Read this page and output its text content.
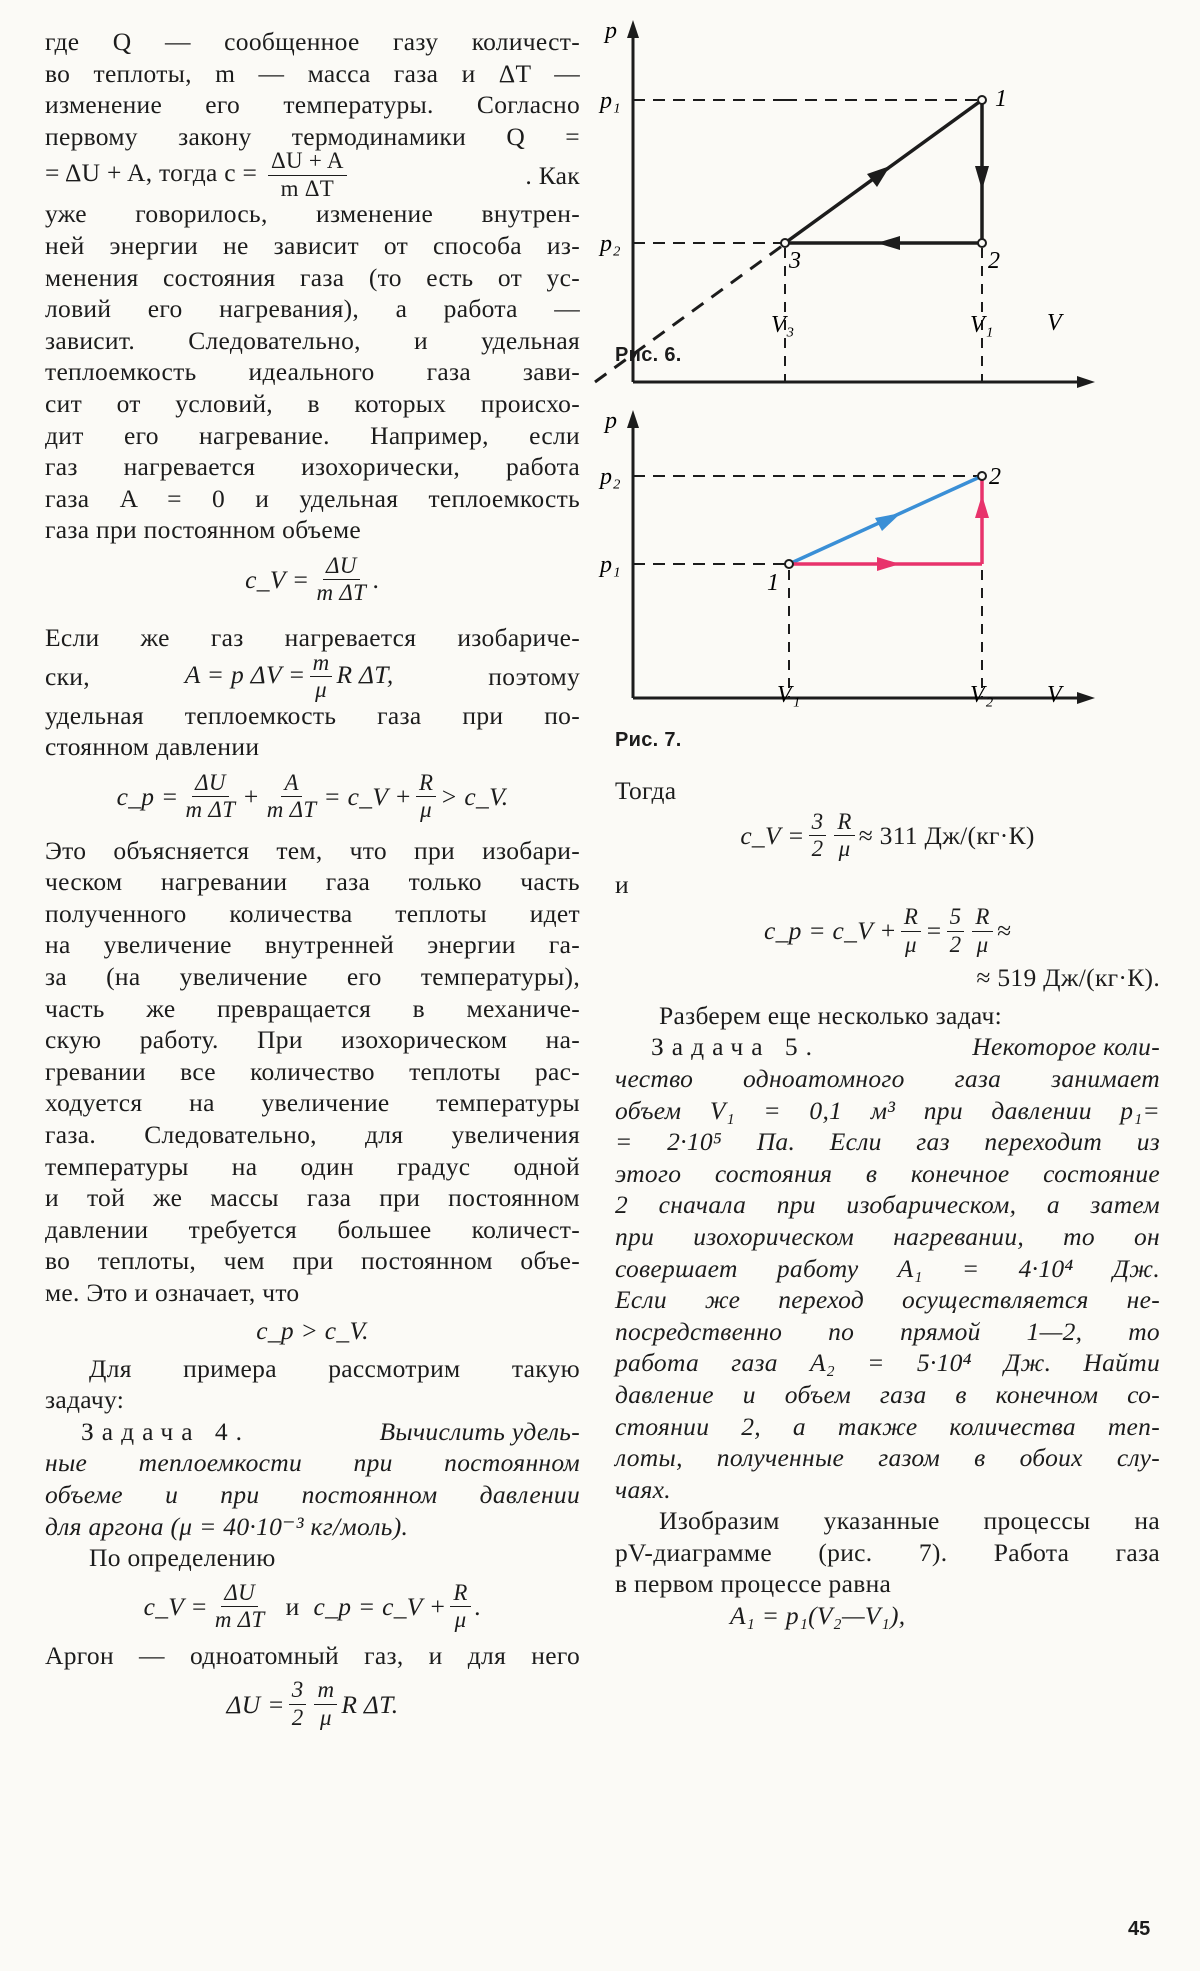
где Q — сообщенное газу количест-
во теплоты, m — масса газа и ΔT —
изменение его температуры. Согласно
первому закону термодинамики Q =
= ΔU + A, тогда $c = \frac{\Delta U + A}{\text{m ΔT}}$	. Как
уже говорилось, изменение внутрен-
ней энергии не зависит от способа из-
менения состояния газа (то есть от ус-
ловий его нагревания), а работа —
зависит. Следовательно, и удельная
теплоемкость идеального газа зави-
сит от условий, в которых происхо-
дит его нагревание. Например, если
газ нагревается изохорически, работа
газа A = 0 и удельная теплоемкость
газа при постоянном объеме
c_V = $\frac{\Delta U}{\text{m ΔT}}$ .
Если же газ нагревается изобариче-
ски,	A = p $\Delta V = \frac{m}{\mu}$ R ΔT,	поэтому
удельная теплоемкость газа при по-
стоянном давлении
c_p = $\frac{\Delta U}{\text{m ΔT}} + \frac{A}{\text{m ΔT}}$ = c_V + $\frac{R}{\mu}$ > c_V.
Это объясняется тем, что при изобари-
ческом нагревании газа только часть
полученного количества теплоты идет
на увеличение внутренней энергии га-
за (на увеличение его температуры),
часть же превращается в механиче-
скую работу. При изохорическом на-
гревании все количество теплоты рас-
ходуется на увеличение температуры
газа. Следовательно, для увеличения
температуры на один градус одной
и той же массы газа при постоянном
давлении требуется большее количест-
во теплоты, чем при постоянном объе-
ме. Это и означает, что
c_p > c_V.
Для примера рассмотрим такую
задачу:
Задача 4.	Вычислить удель-
ные теплоемкости при постоянном
объеме и при постоянном давлении
для аргона (μ = 40·10⁻³ кг/моль).
По определению
c_V = $\frac{\Delta U}{\text{m ΔT}}$ и c_p = c_V + $\frac{R}{\mu}$ .
Аргон — одноатомный газ, и для него
$\Delta U = \frac{3}{2} \frac{m}{\mu}$ R ΔT.
p
V
p₁
p₂
V₃	V₁
1
2
3
Рис. 6.
p
V
p₂
p₁
V₁	V₂
1
2
Рис. 7.
Тогда
c_V = $\frac{3}{2} \frac{R}{\mu} \approx 311$ Дж/(кг·К)
и
c_p = c_V + $\frac{R}{\mu} = \frac{5}{2} \frac{R}{\mu}$ ≈
≈ 519 Дж/(кг·К).
Разберем еще несколько задач:
Задача 5.	Некоторое коли-
чество одноатомного газа занимает
объем V₁ = 0,1 м³ при давлении p₁=
= 2·10⁵ Па. Если газ переходит из
этого состояния в конечное состояние
2 сначала при изобарическом, а затем
при изохорическом нагревании, то он
совершает работу A₁ = 4·10⁴ Дж.
Если же переход осуществляется не-
посредственно по прямой 1—2, то
работа газа A₂ = 5·10⁴ Дж. Найти
давление и объем газа в конечном со-
стоянии 2, а также количества теп-
лоты, полученные газом в обоих слу-
чаях.
Изобразим указанные процессы на
pV-диаграмме (рис. 7). Работа газа
в первом процессе равна
A₁ = p₁(V₂—V₁),
45
